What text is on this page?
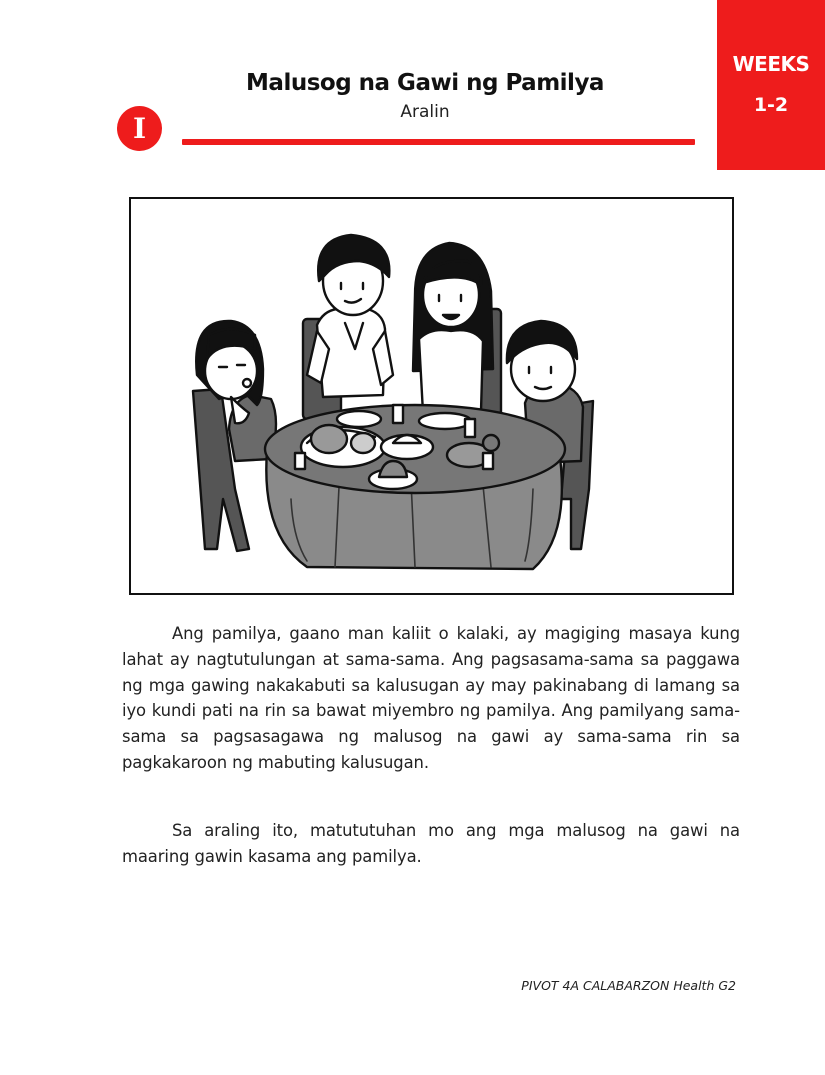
WEEKS
1-2
Malusog na Gawi ng Pamilya
Aralin
I

Ang pamilya, gaano man kaliit o kalaki, ay magiging masaya kung lahat ay nagtutulungan at sama-sama. Ang pagsasama-sama sa paggawa ng mga gawing nakakabuti sa kalusugan ay may pakinabang di lamang sa iyo kundi pati na rin sa bawat miyembro ng pamilya. Ang pamilyang sama-sama sa pagsasagawa ng malusog na gawi ay sama-sama rin sa pagkakaroon ng mabuting kalusugan.

Sa araling ito, matututuhan mo ang mga malusog na gawi na maaring gawin kasama ang pamilya.

PIVOT 4A CALABARZON Health G2
